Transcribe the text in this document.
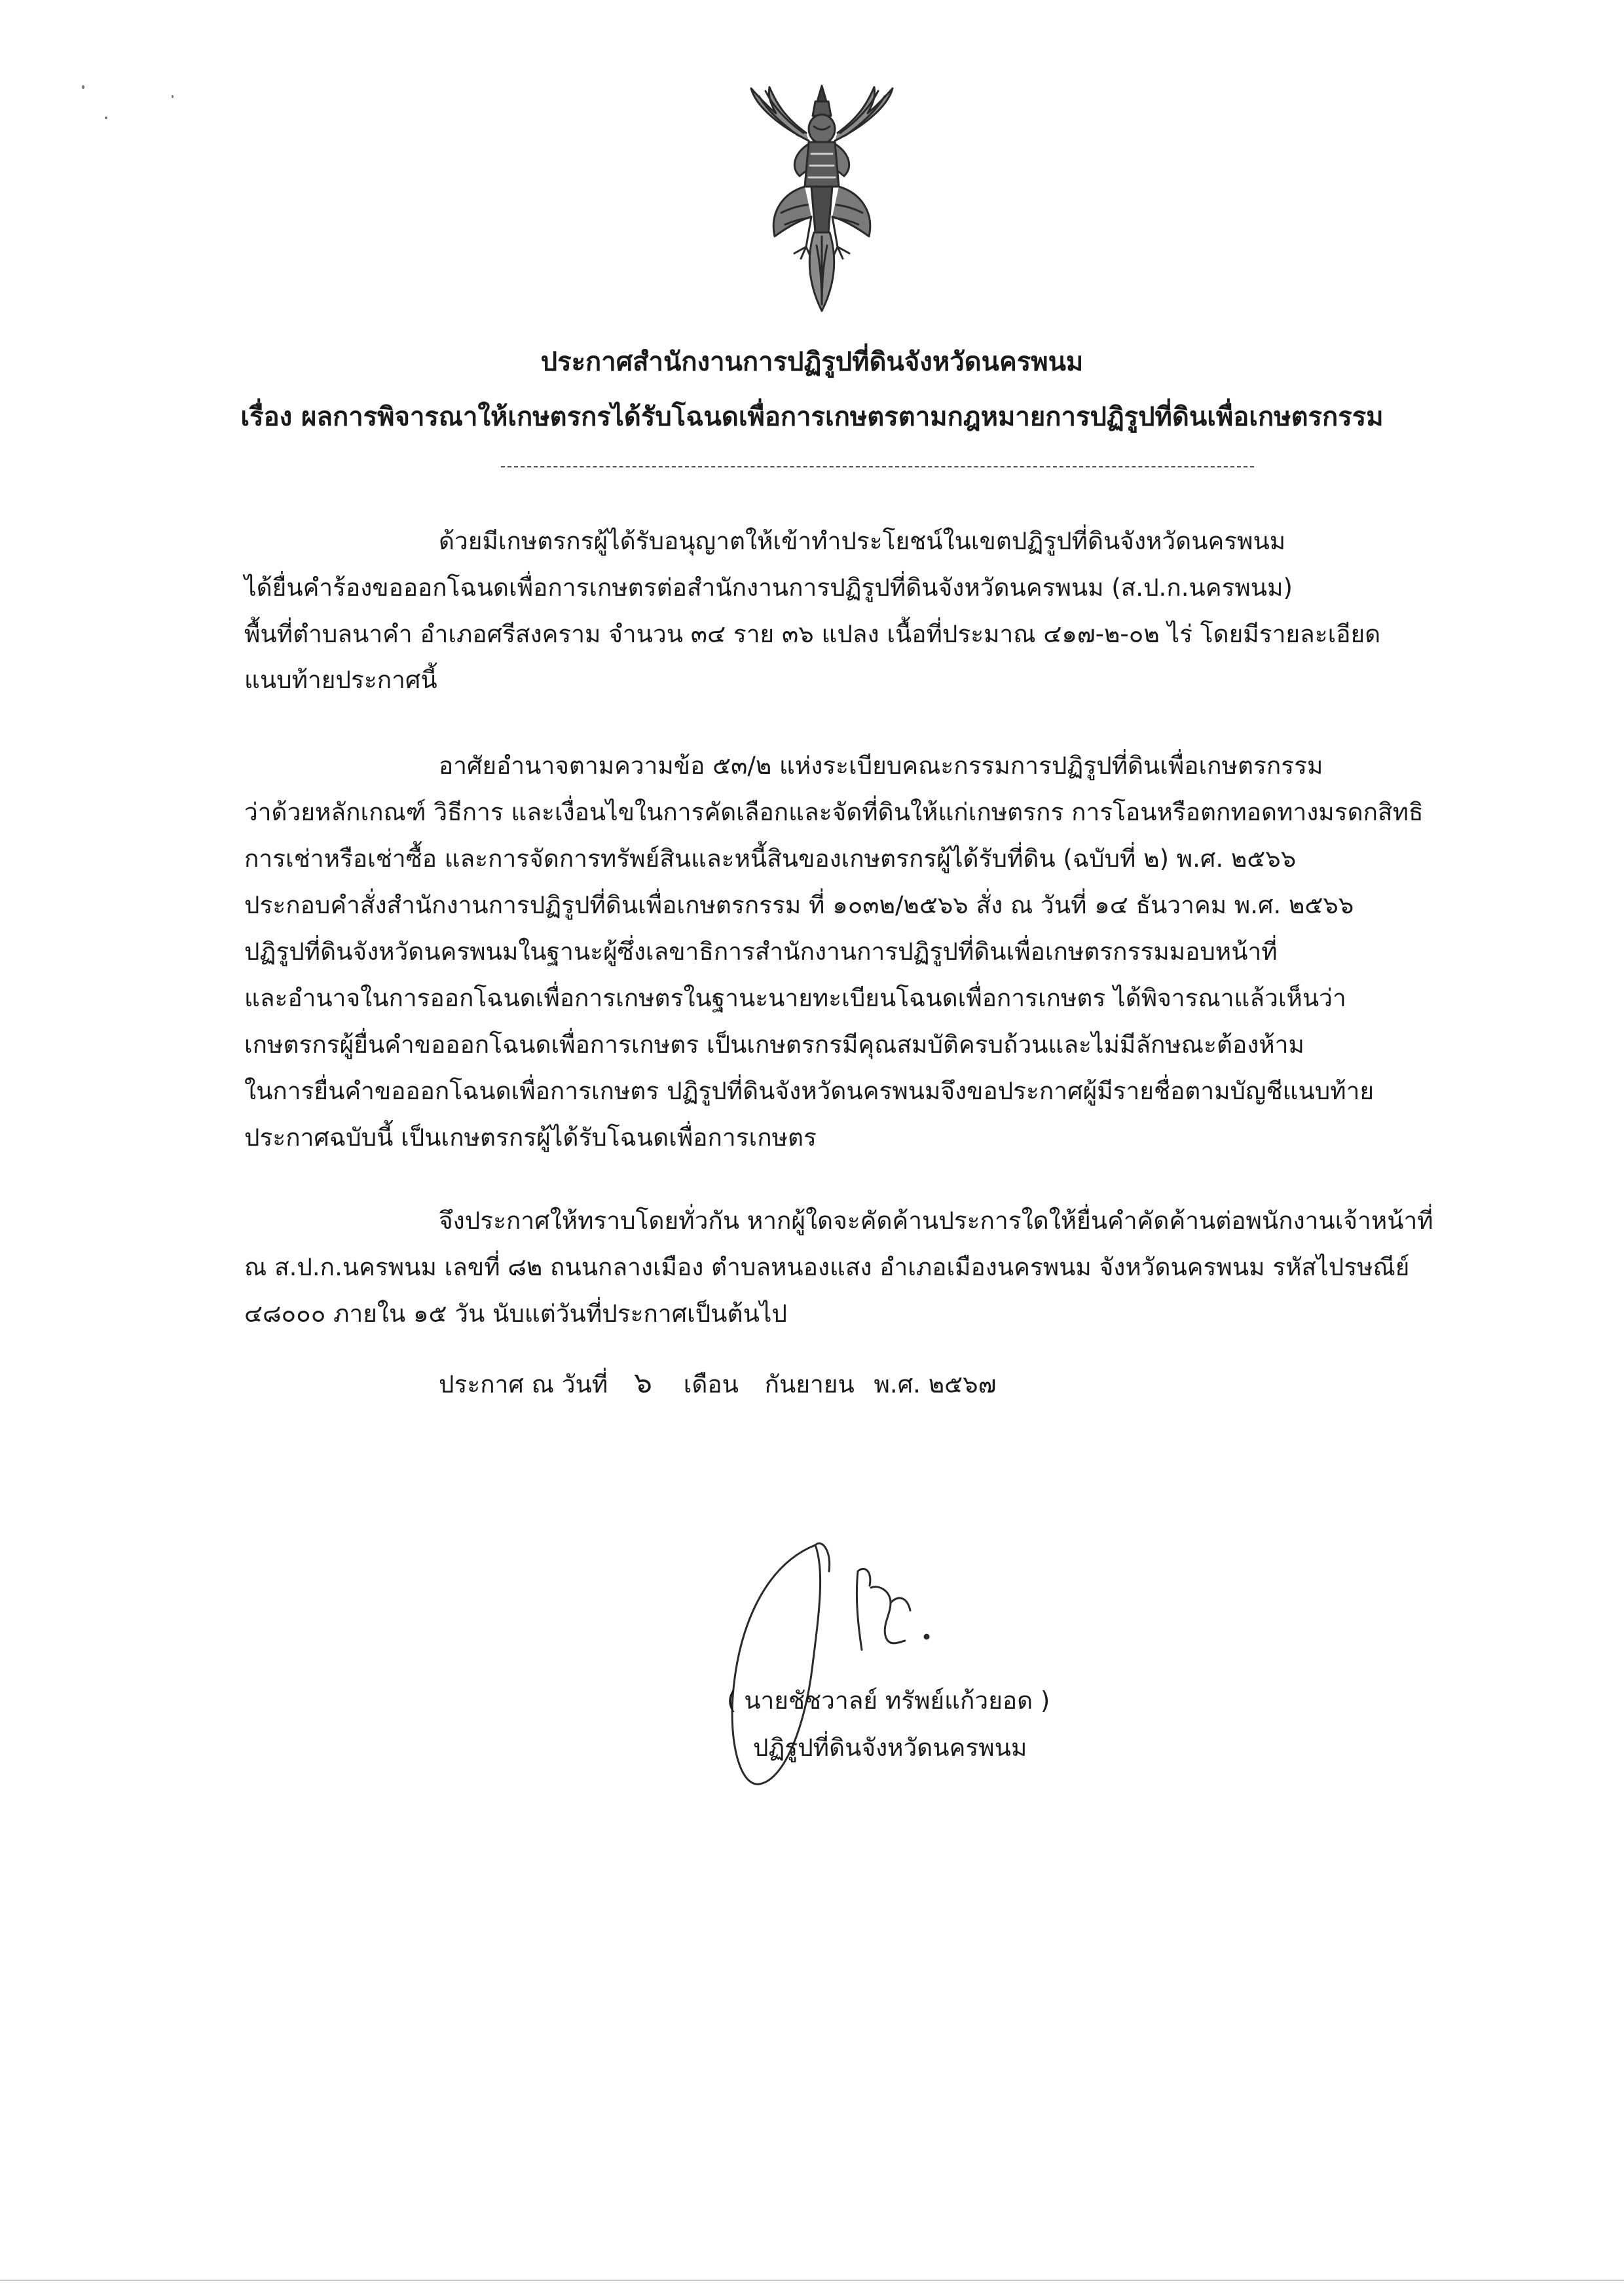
ประกาศสำนักงานการปฏิรูปที่ดินจังหวัดนครพนม
เรื่อง ผลการพิจารณาให้เกษตรกรได้รับโฉนดเพื่อการเกษตรตามกฎหมายการปฏิรูปที่ดินเพื่อเกษตรกรรม
ด้วยมีเกษตรกรผู้ได้รับอนุญาตให้เข้าทำประโยชน์ในเขตปฏิรูปที่ดินจังหวัดนครพนม
ได้ยื่นคำร้องขอออกโฉนดเพื่อการเกษตรต่อสำนักงานการปฏิรูปที่ดินจังหวัดนครพนม (ส.ป.ก.นครพนม)
พื้นที่ตำบลนาคำ อำเภอศรีสงคราม จำนวน ๓๔ ราย ๓๖ แปลง เนื้อที่ประมาณ ๔๑๗-๒-๐๒ ไร่ โดยมีรายละเอียด
แนบท้ายประกาศนี้
อาศัยอำนาจตามความข้อ ๕๓/๒ แห่งระเบียบคณะกรรมการปฏิรูปที่ดินเพื่อเกษตรกรรม
ว่าด้วยหลักเกณฑ์ วิธีการ และเงื่อนไขในการคัดเลือกและจัดที่ดินให้แก่เกษตรกร การโอนหรือตกทอดทางมรดกสิทธิ
การเช่าหรือเช่าซื้อ และการจัดการทรัพย์สินและหนี้สินของเกษตรกรผู้ได้รับที่ดิน (ฉบับที่ ๒) พ.ศ. ๒๕๖๖
ประกอบคำสั่งสำนักงานการปฏิรูปที่ดินเพื่อเกษตรกรรม ที่ ๑๐๓๒/๒๕๖๖ สั่ง ณ วันที่ ๑๔ ธันวาคม พ.ศ. ๒๕๖๖
ปฏิรูปที่ดินจังหวัดนครพนมในฐานะผู้ซึ่งเลขาธิการสำนักงานการปฏิรูปที่ดินเพื่อเกษตรกรรมมอบหน้าที่
และอำนาจในการออกโฉนดเพื่อการเกษตรในฐานะนายทะเบียนโฉนดเพื่อการเกษตร ได้พิจารณาแล้วเห็นว่า
เกษตรกรผู้ยื่นคำขอออกโฉนดเพื่อการเกษตร เป็นเกษตรกรมีคุณสมบัติครบถ้วนและไม่มีลักษณะต้องห้าม
ในการยื่นคำขอออกโฉนดเพื่อการเกษตร ปฏิรูปที่ดินจังหวัดนครพนมจึงขอประกาศผู้มีรายชื่อตามบัญชีแนบท้าย
ประกาศฉบับนี้ เป็นเกษตรกรผู้ได้รับโฉนดเพื่อการเกษตร
จึงประกาศให้ทราบโดยทั่วกัน หากผู้ใดจะคัดค้านประการใดให้ยื่นคำคัดค้านต่อพนักงานเจ้าหน้าที่
ณ ส.ป.ก.นครพนม เลขที่ ๘๒ ถนนกลางเมือง ตำบลหนองแสง อำเภอเมืองนครพนม จังหวัดนครพนม รหัสไปรษณีย์
๔๘๐๐๐ ภายใน ๑๕ วัน นับแต่วันที่ประกาศเป็นต้นไป
ประกาศ ณ วันที่ ๖ เดือน กันยายน พ.ศ. ๒๕๖๗
( นายชัชวาลย์ ทรัพย์แก้วยอด )
ปฏิรูปที่ดินจังหวัดนครพนม
